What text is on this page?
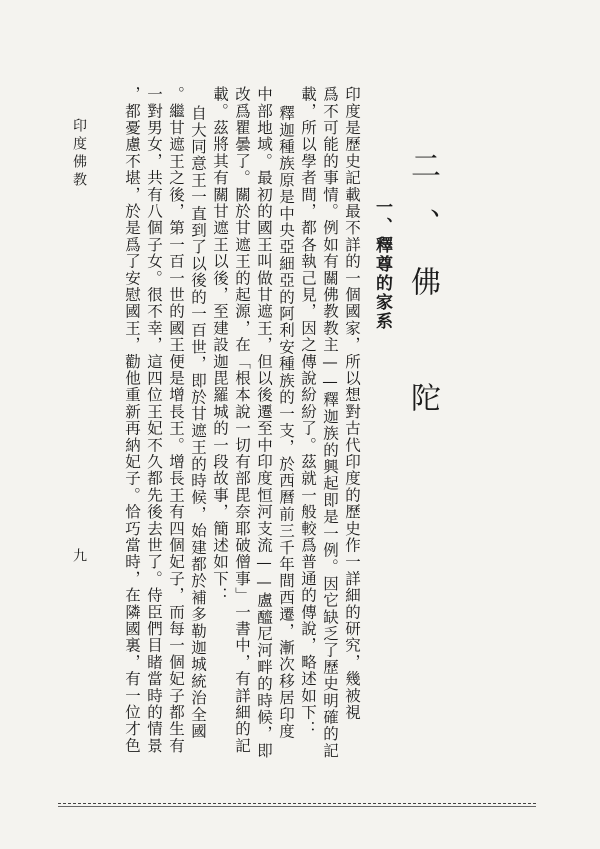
二、佛　陀
一、釋尊的家系
印度是歷史記載最不詳的一個國家，所以想對古代印度的歷史作一詳細的研究，幾被視
爲不可能的事情。例如有關佛教教主——釋迦族的興起即是一例。因它缺乏了歷史明確的記
載，所以學者間，都各執己見，因之傳說紛紛了。茲就一般較爲普通的傳說，略述如下：
釋迦種族原是中央亞細亞的阿利安種族的一支，於西曆前三千年間西遷，漸次移居印度
中部地域。最初的國王叫做甘遮王，但以後遷至中印度恒河支流——盧醯尼河畔的時候，即
改爲瞿曇了。關於甘遮王的起源，在「根本說一切有部毘奈耶破僧事」一書中，有詳細的記
載。茲將其有關甘遮王以後，至建設迦毘羅城的一段故事，簡述如下：
自大同意王一直到了以後的一百世，即於甘遮王的時候，始建都於補多勒迦城統治全國
。繼甘遮王之後，第一百一世的國王便是增長王。增長王有四個妃子，而每一個妃子都生有
一對男女，共有八個子女。很不幸，這四位王妃不久都先後去世了。侍臣們目睹當時的情景
，都憂慮不堪，於是爲了安慰國王，勸他重新再納妃子。恰巧當時，在隣國裏，有一位才色
印度佛教
九
